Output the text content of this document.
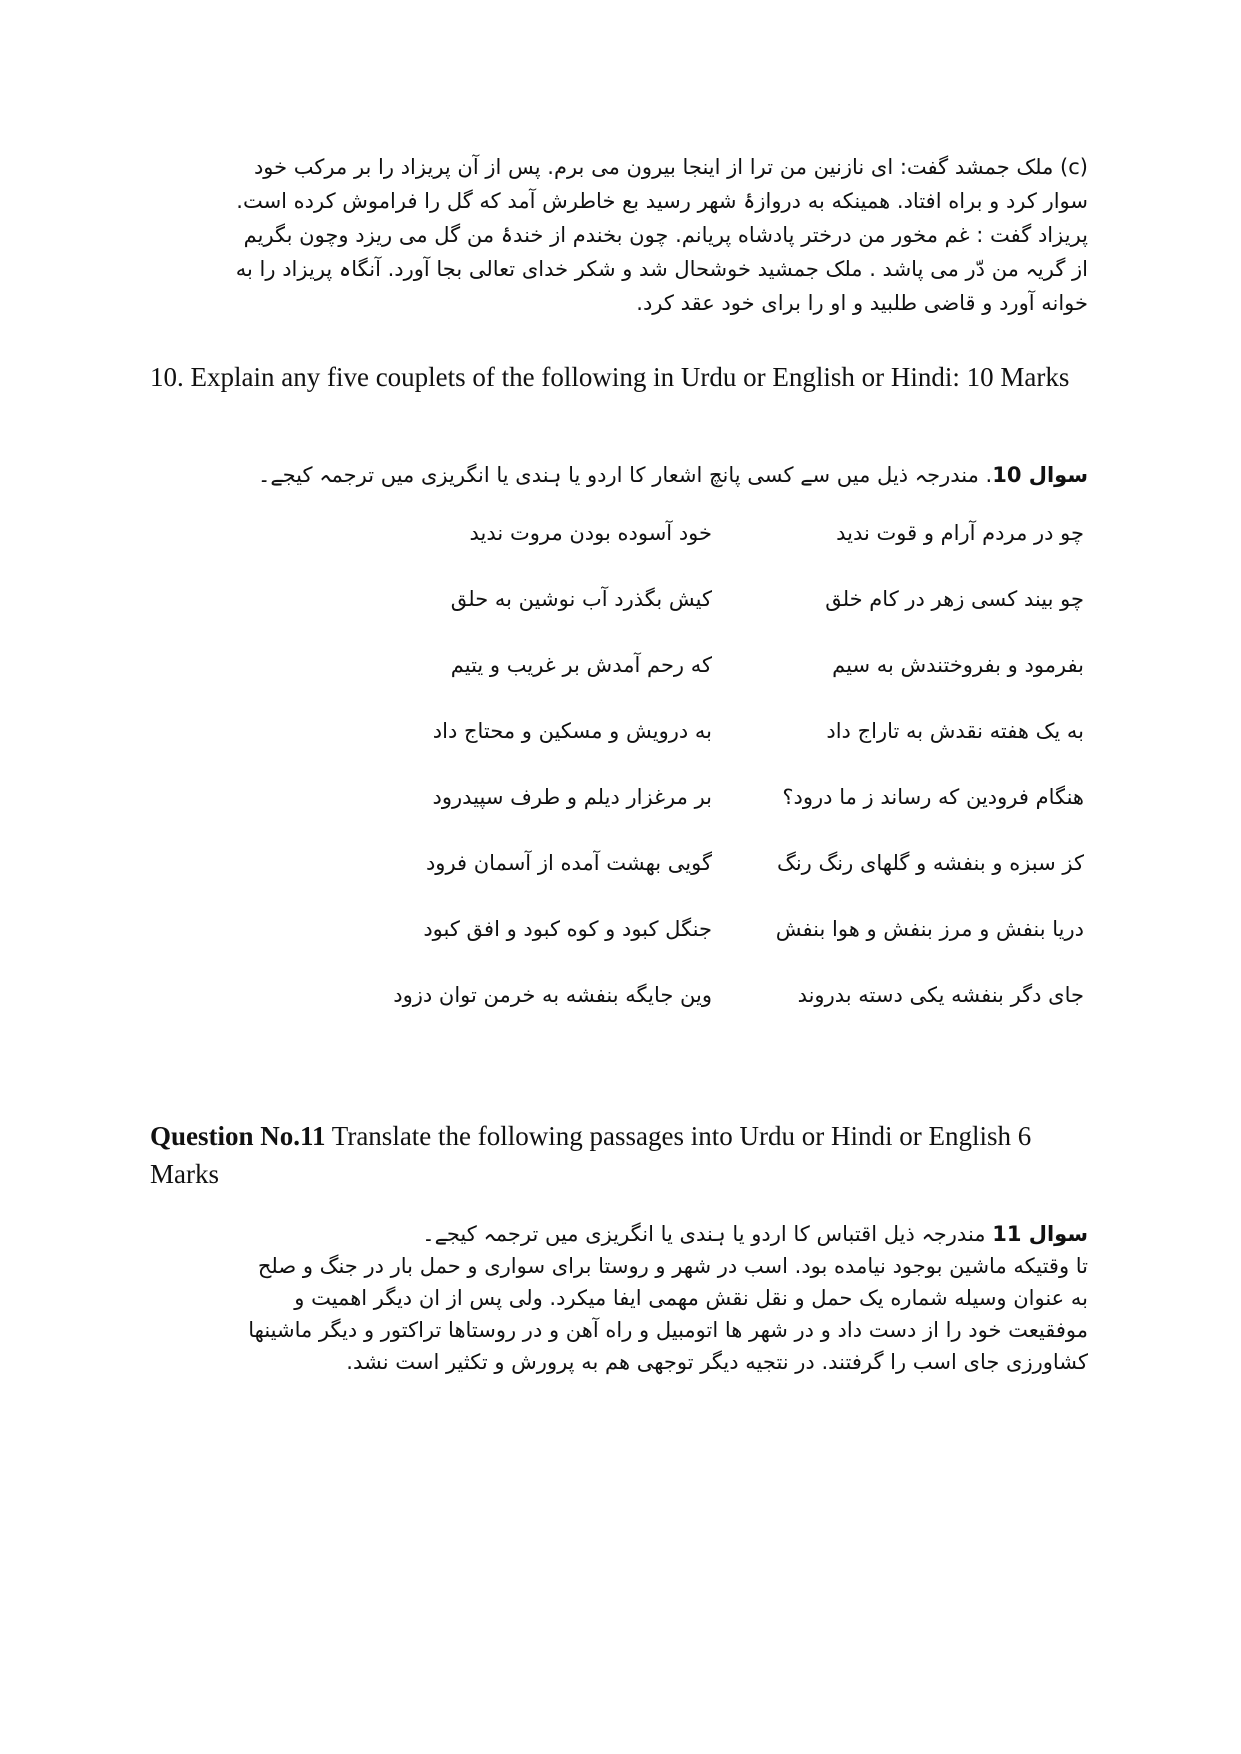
(c) ملک جمشد گفت: ای نازنین من ترا از اینجا بیرون می برم. پس از آن پریزاد را بر مرکب خود
سوار کرد و براه افتاد. همینکه به دروازۂ شهر رسید بع خاطرش آمد که گل را فراموش کرده است.
پریزاد گفت : غم مخور من درختر پادشاه پریانم. چون بخندم از خندۂ من گل می ریزد وچون بگریم
از گریہ من دّر می پاشد . ملک جمشید خوشحال شد و شکر خدای تعالی بجا آورد. آنگاہ پریزاد را به
خوانه آورد و قاضی طلبید و او را برای خود عقد کرد.
10. Explain any five couplets of the following in Urdu or English or Hindi: 10 Marks
سوال 10. مندرجہ ذیل میں سے کسی پانچ اشعار کا اردو یا ہندی یا انگریزی میں ترجمہ کیجے۔
چو در مردم آرام و قوت ندید
خود آسوده بودن مروت ندید
چو بیند کسی زهر در کام خلق
کیش بگذرد آب نوشین به حلق
بفرمود و بفروختندش به سیم
که رحم آمدش بر غریب و یتیم
به یک هفته نقدش به تاراج داد
به درویش و مسکین و محتاج داد
هنگام فرودین که رساند ز ما درود؟
بر مرغزار دیلم و طرف سپیدرود
کز سبزه و بنفشه و گلهای رنگ رنگ
گویی بهشت آمده از آسمان فرود
دریا بنفش و مرز بنفش و هوا بنفش
جنگل کبود و کوه کبود و افق کبود
جای دگر بنفشه یکی دسته بدروند
وین جایگه بنفشه به خرمن توان دزود
Question No.11 Translate the following passages into Urdu or Hindi or English 6 Marks
سوال 11 مندرجہ ذیل اقتباس کا اردو یا ہندی یا انگریزی میں ترجمہ کیجے۔
تا وقتیکه ماشین بوجود نیامده بود. اسب در شهر و روستا برای سواری و حمل بار در جنگ و صلح
به عنوان وسیله شماره یک حمل و نقل نقش مهمی ایفا میکرد. ولی پس از ان دیگر اهمیت و
موفقیعت خود را از دست داد و در شهر ها اتومبیل و راه آهن و در روستاها تراکتور و دیگر ماشینها
کشاورزی جای اسب را گرفتند. در نتجیه دیگر توجهی هم به پرورش و تکثیر است نشد.
